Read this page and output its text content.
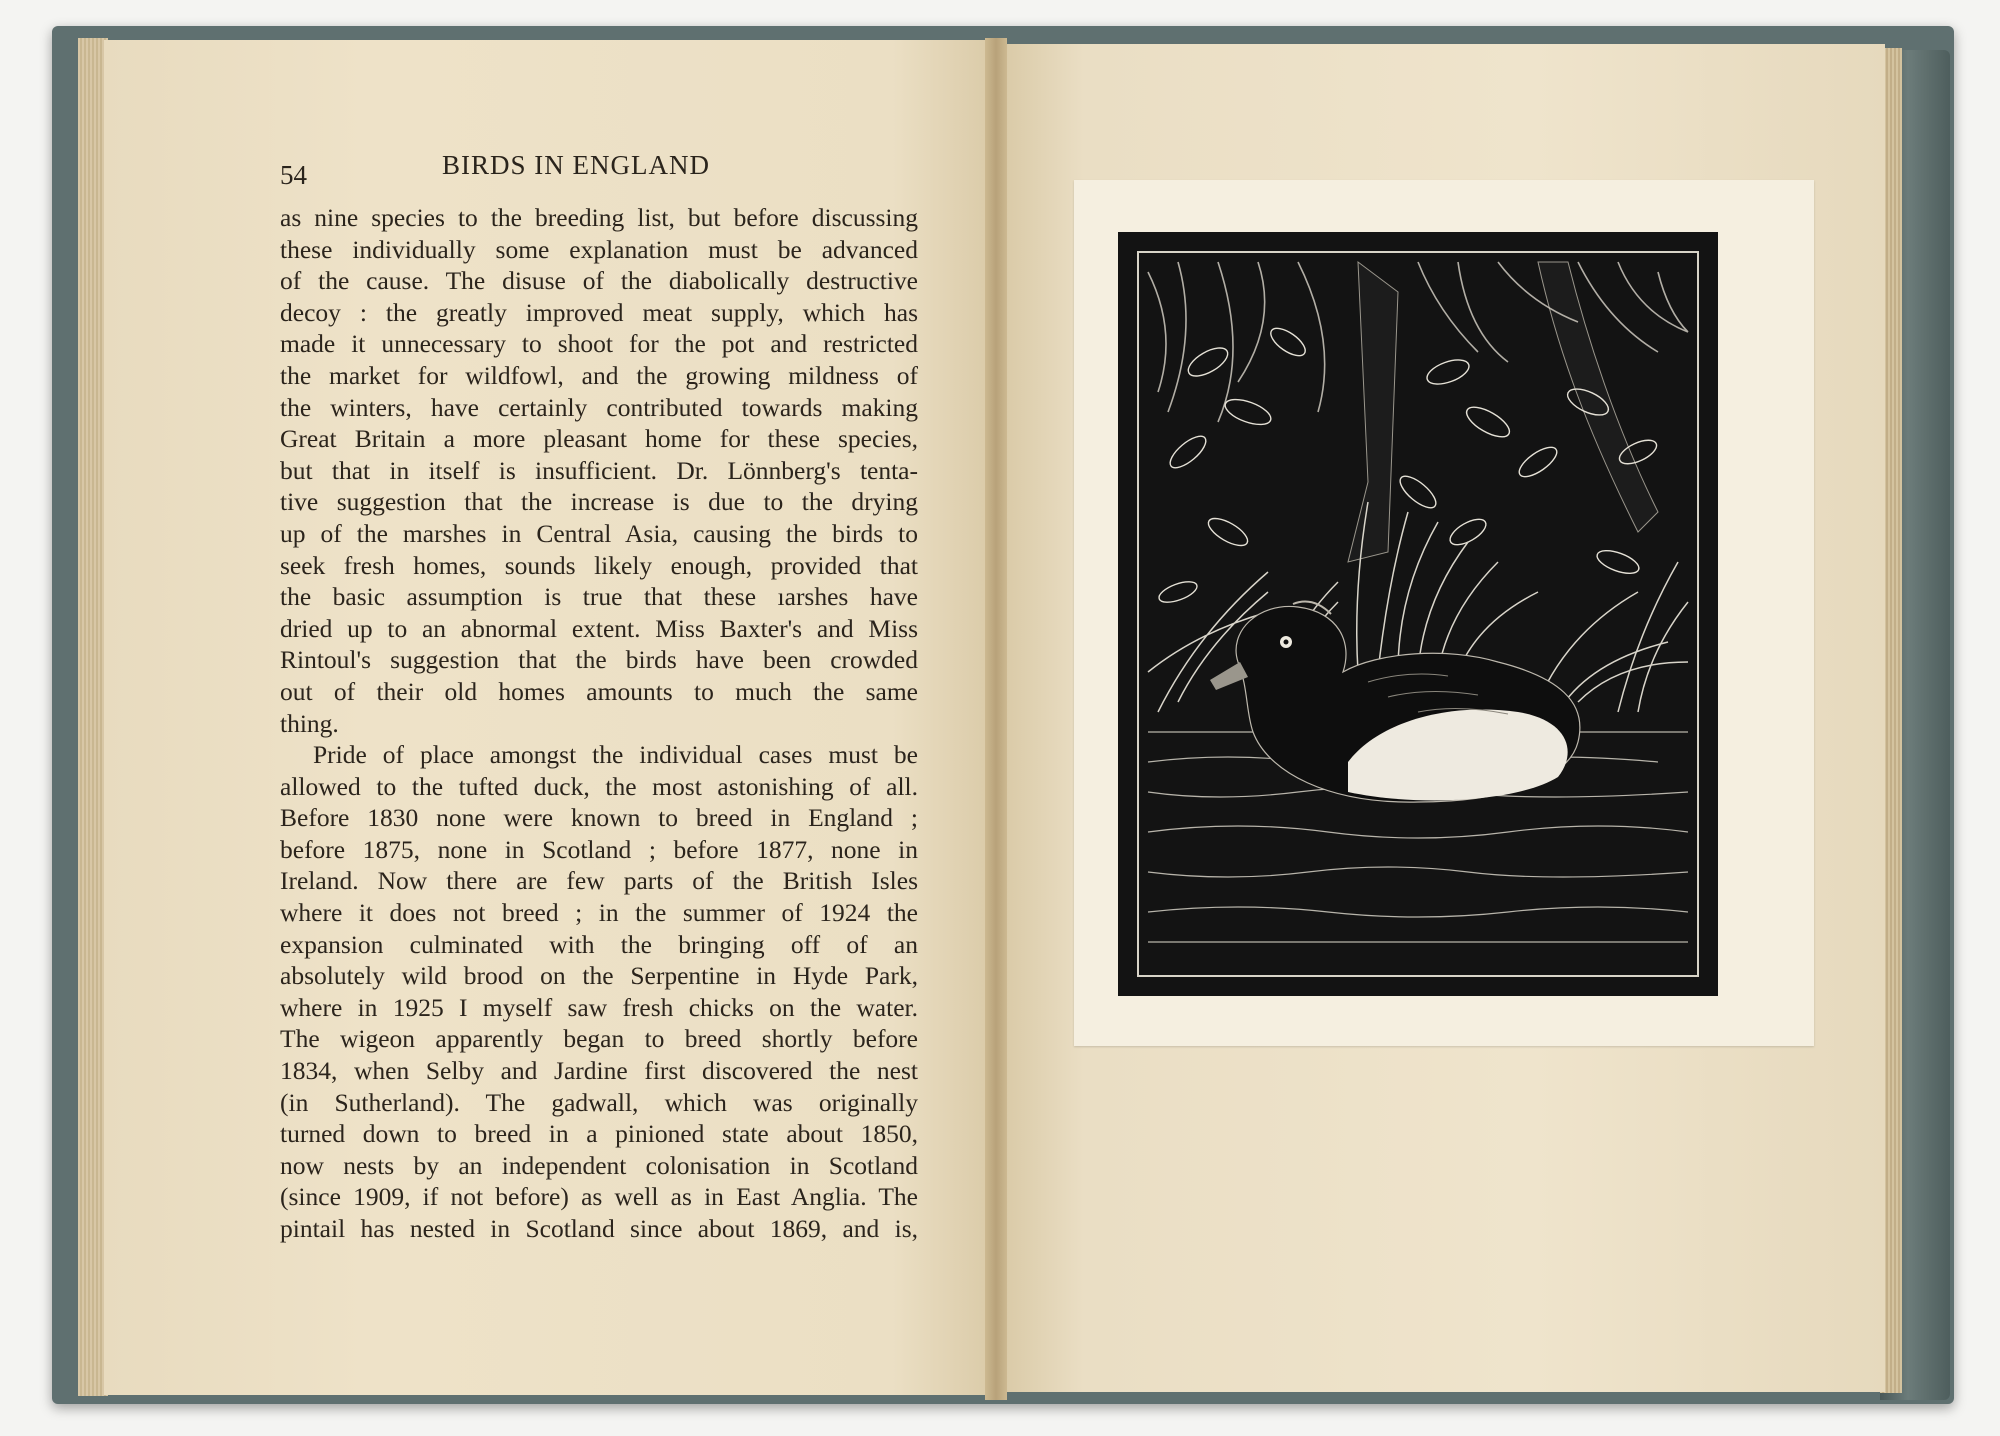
54	BIRDS IN ENGLAND
as nine species to the breeding list, but before discussing
these individually some explanation must be advanced
of the cause. The disuse of the diabolically destructive
decoy : the greatly improved meat supply, which has
made it unnecessary to shoot for the pot and restricted
the market for wildfowl, and the growing mildness of
the winters, have certainly contributed towards making
Great Britain a more pleasant home for these species,
but that in itself is insufficient. Dr. Lönnberg's tenta-
tive suggestion that the increase is due to the drying
up of the marshes in Central Asia, causing the birds to
seek fresh homes, sounds likely enough, provided that
the basic assumption is true that these ıarshes have
dried up to an abnormal extent. Miss Baxter's and Miss
Rintoul's suggestion that the birds have been crowded
out of their old homes amounts to much the same
thing.
Pride of place amongst the individual cases must be
allowed to the tufted duck, the most astonishing of all.
Before 1830 none were known to breed in England ;
before 1875, none in Scotland ; before 1877, none in
Ireland. Now there are few parts of the British Isles
where it does not breed ; in the summer of 1924 the
expansion culminated with the bringing off of an
absolutely wild brood on the Serpentine in Hyde Park,
where in 1925 I myself saw fresh chicks on the water.
The wigeon apparently began to breed shortly before
1834, when Selby and Jardine first discovered the nest
(in Sutherland). The gadwall, which was originally
turned down to breed in a pinioned state about 1850,
now nests by an independent colonisation in Scotland
(since 1909, if not before) as well as in East Anglia. The
pintail has nested in Scotland since about 1869, and is,
